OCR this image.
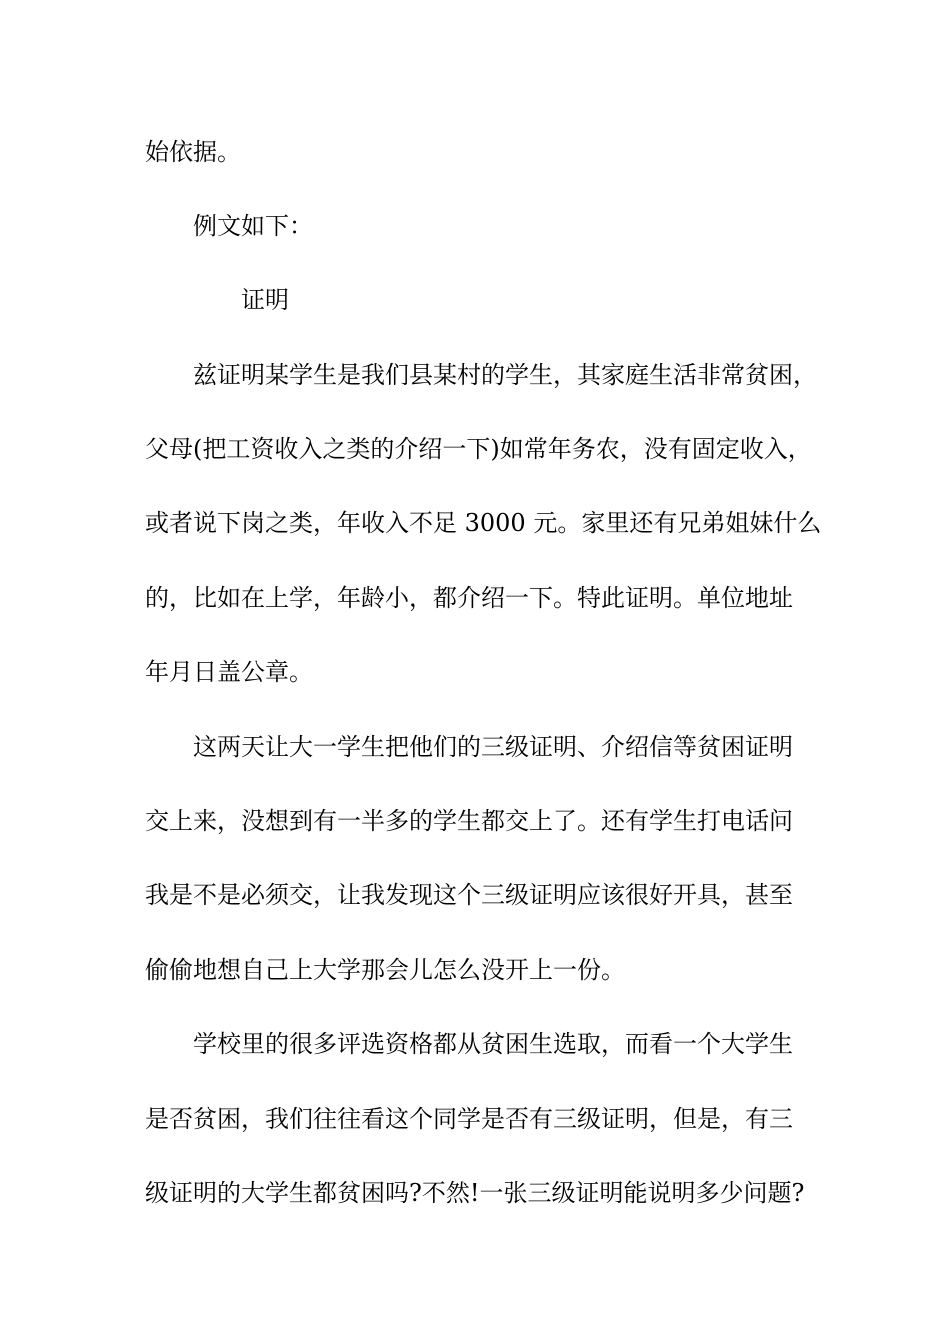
始依据。
例文如下：
证明
兹证明某学生是我们县某村的学生，其家庭生活非常贫困，
父母(把工资收入之类的介绍一下)如常年务农，没有固定收入，
或者说下岗之类，年收入不足 3000 元。家里还有兄弟姐妹什么
的，比如在上学，年龄小，都介绍一下。特此证明。单位地址
年月日盖公章。
这两天让大一学生把他们的三级证明、介绍信等贫困证明
交上来，没想到有一半多的学生都交上了。还有学生打电话问
我是不是必须交，让我发现这个三级证明应该很好开具，甚至
偷偷地想自己上大学那会儿怎么没开上一份。
学校里的很多评选资格都从贫困生选取，而看一个大学生
是否贫困，我们往往看这个同学是否有三级证明，但是，有三
级证明的大学生都贫困吗?不然!一张三级证明能说明多少问题?
